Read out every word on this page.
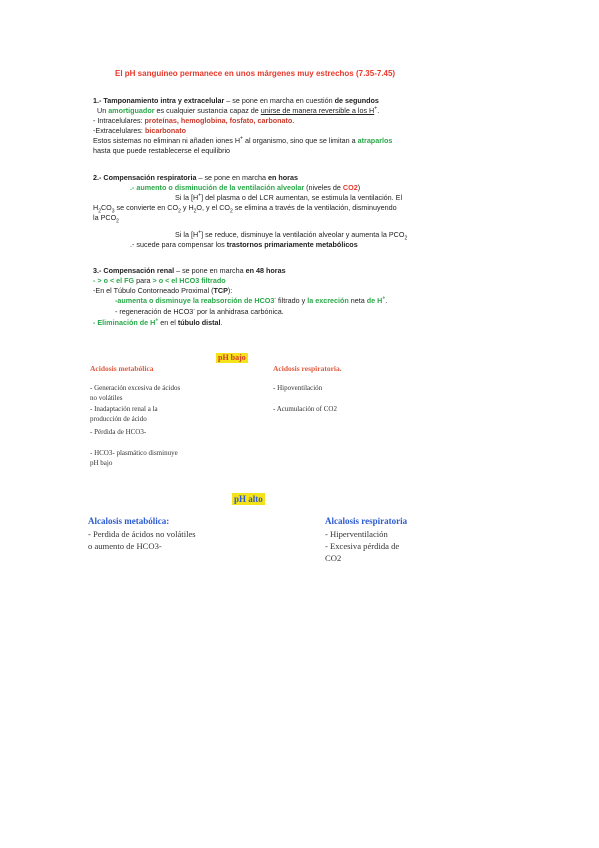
El pH sanguíneo permanece en unos márgenes muy estrechos (7.35-7.45)
1.- Tamponamiento intra y extracelular – se pone en marcha en cuestión de segundos
Un amortiguador es cualquier sustancia capaz de unirse de manera reversible a los H+.
- Intracelulares: proteínas, hemoglobina, fosfato, carbonato.
-Extracelulares: bicarbonato
Estos sistemas no eliminan ni añaden iones H+ al organismo, sino que se limitan a atraparlos
hasta que puede restablecerse el equilibrio
2.- Compensación respiratoria – se pone en marcha en horas
.- aumento o disminución de la ventilación alveolar (niveles de CO2)
Si la [H+] del plasma o del LCR aumentan, se estimula la ventilación. El
$H_2CO_3$ se convierte en $CO_2$ y $H_2O$, y el $CO_2$ se elimina a través de la ventilación, disminuyendo
la $PCO_2$
Si la [H+] se reduce, disminuye la ventilación alveolar y aumenta la $PCO_2$
.- sucede para compensar los trastornos primariamente metabólicos
3.- Compensación renal – se pone en marcha en 48 horas
- > o < el FG para > o < el HCO3 filtrado
-En el Túbulo Contorneado Proximal (TCP):
-aumenta o disminuye la reabsorción de HCO3- filtrado y la excreción neta de H+.
- regeneración de HCO3- por la anhidrasa carbónica.
- Eliminación de H+ en el túbulo distal.
pH bajo
Acidosis metabólica	Acidosis respiratoria.
- Generación excesiva de ácidos
no volátiles
- Inadaptación renal a la
producción de ácido
- Pérdida de HCO3-
- HCO3- plasmático disminuye
pH bajo
- Hipoventilación
- Acumulación of CO2
pH alto
Alcalosis metabólica:	Alcalosis respiratoria
- Perdida de ácidos no volátiles
o aumento de HCO3-
- Hiperventilación
- Excesiva pérdida de
CO2
